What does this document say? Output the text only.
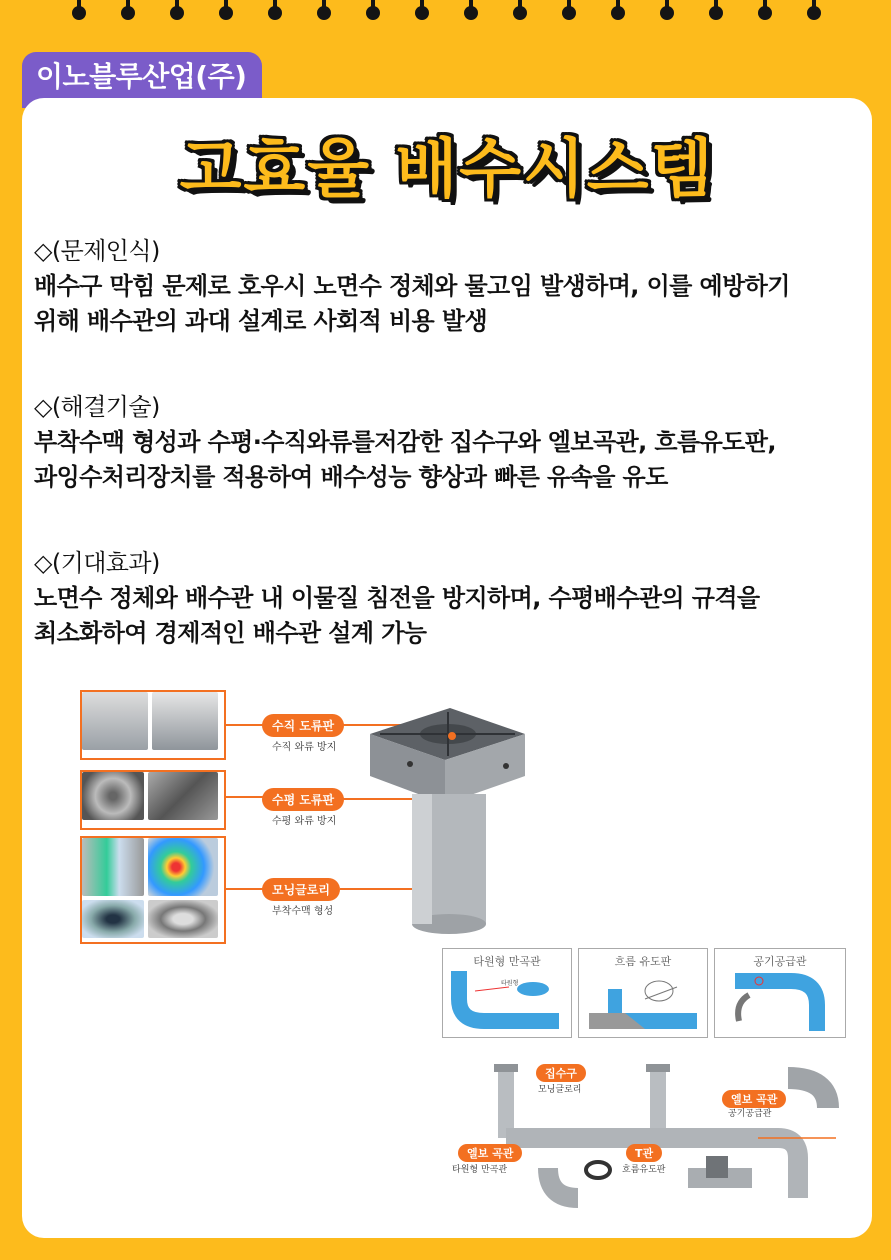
이노블루산업(주)
고효율 배수시스템
◇(문제인식)
배수구 막힘 문제로 호우시 노면수 정체와 물고임 발생하며, 이를 예방하기
위해 배수관의 과대 설계로 사회적 비용 발생
◇(해결기술)
부착수맥 형성과 수평·수직와류를저감한 집수구와 엘보곡관, 흐름유도판,
과잉수처리장치를 적용하여 배수성능 향상과 빠른 유속을 유도
◇(기대효과)
노면수 정체와 배수관 내 이물질 침전을 방지하며, 수평배수관의 규격을
최소화하여 경제적인 배수관 설계 가능
수직 도류판
수직 와류 방지
수평 도류판
수평 와류 방지
모닝글로리
부착수맥 형성
타원형 만곡관
타원형
흐름 유도판	공기공급관
집수구
모닝글로리
엘보 곡관
공기공급관
엘보 곡관
타원형 만곡관
T관
흐름유도판
